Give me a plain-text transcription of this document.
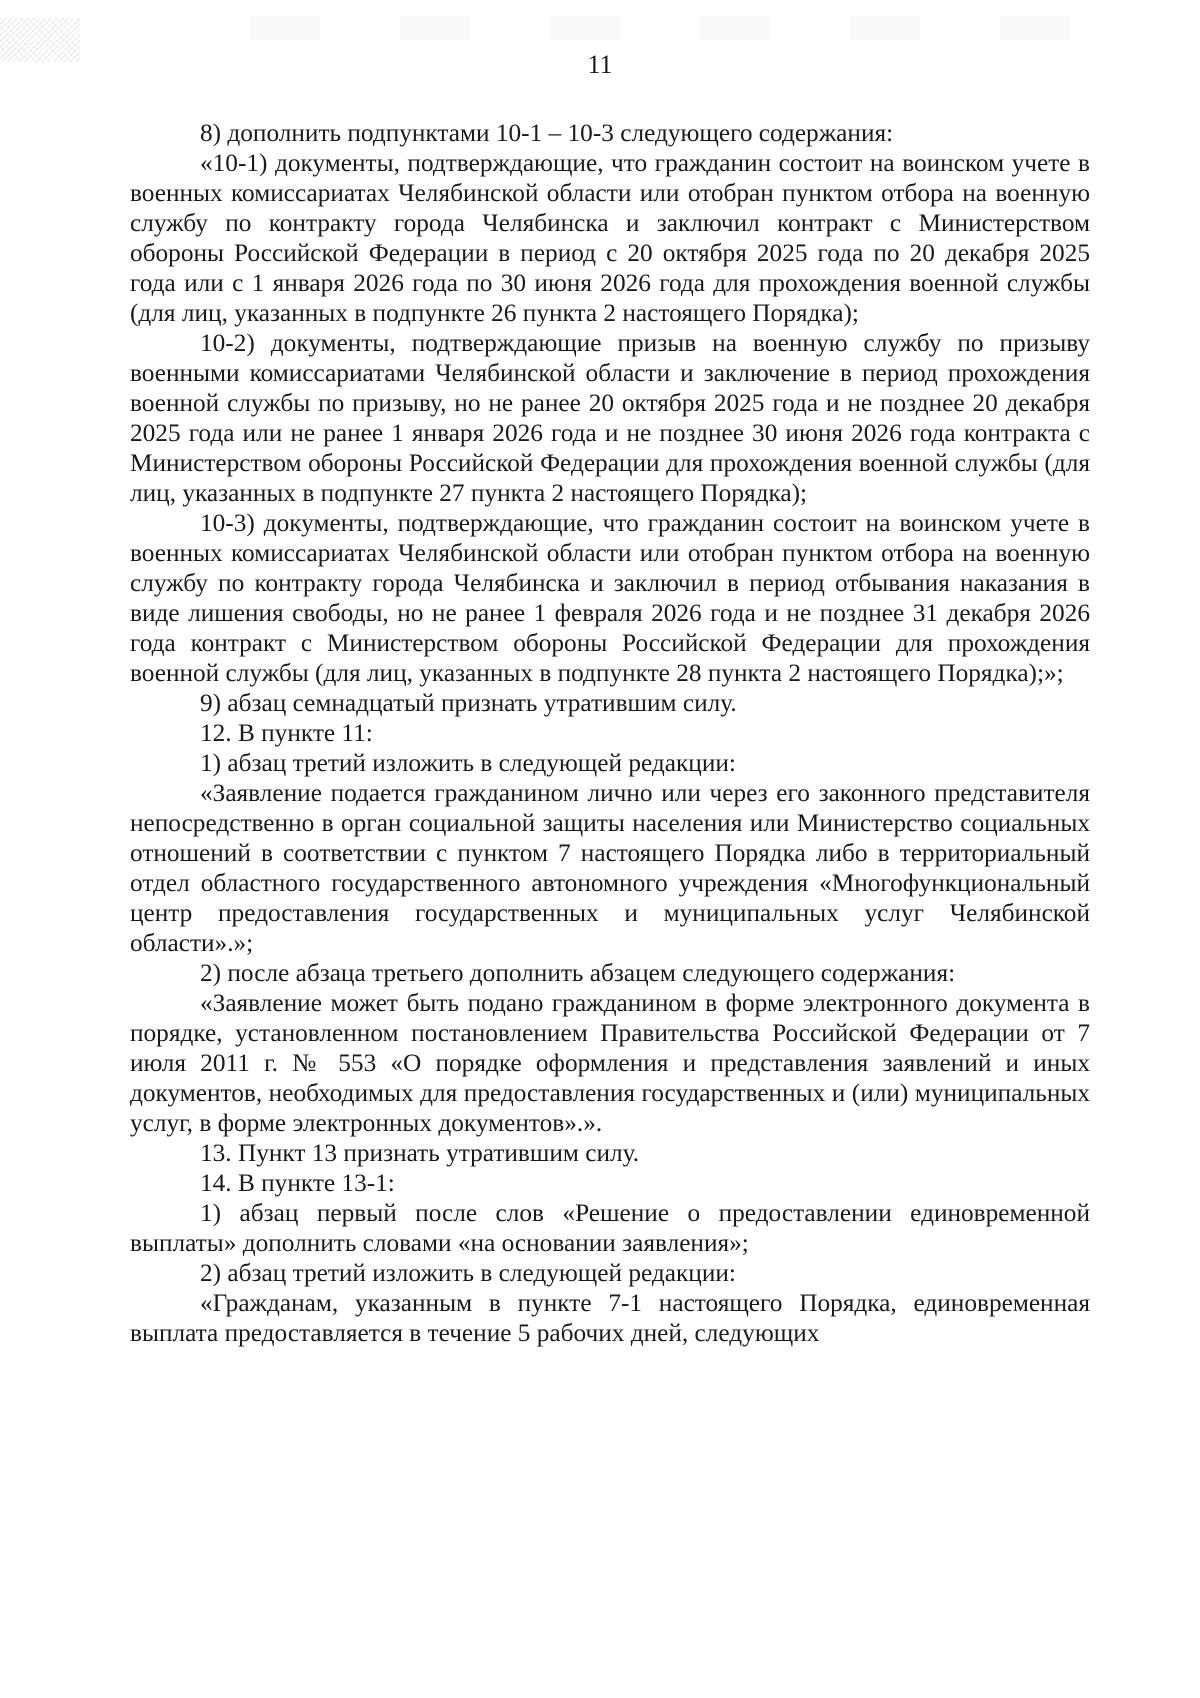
11

8) дополнить подпунктами 10-1 – 10-3 следующего содержания:

«10-1) документы, подтверждающие, что гражданин состоит на воинском учете в военных комиссариатах Челябинской области или отобран пунктом отбора на военную службу по контракту города Челябинска и заключил контракт с Министерством обороны Российской Федерации в период с 20 октября 2025 года по 20 декабря 2025 года или с 1 января 2026 года по 30 июня 2026 года для прохождения военной службы (для лиц, указанных в подпункте 26 пункта 2 настоящего Порядка);

10-2) документы, подтверждающие призыв на военную службу по призыву военными комиссариатами Челябинской области и заключение в период прохождения военной службы по призыву, но не ранее 20 октября 2025 года и не позднее 20 декабря 2025 года или не ранее 1 января 2026 года и не позднее 30 июня 2026 года контракта с Министерством обороны Российской Федерации для прохождения военной службы (для лиц, указанных в подпункте 27 пункта 2 настоящего Порядка);

10-3) документы, подтверждающие, что гражданин состоит на воинском учете в военных комиссариатах Челябинской области или отобран пунктом отбора на военную службу по контракту города Челябинска и заключил в период отбывания наказания в виде лишения свободы, но не ранее 1 февраля 2026 года и не позднее 31 декабря 2026 года контракт с Министерством обороны Российской Федерации для прохождения военной службы (для лиц, указанных в подпункте 28 пункта 2 настоящего Порядка);»;

9) абзац семнадцатый признать утратившим силу.

12. В пункте 11:

1) абзац третий изложить в следующей редакции:

«Заявление подается гражданином лично или через его законного представителя непосредственно в орган социальной защиты населения или Министерство социальных отношений в соответствии с пунктом 7 настоящего Порядка либо в территориальный отдел областного государственного автономного учреждения «Многофункциональный центр предоставления государственных и муниципальных услуг Челябинской области».»;

2) после абзаца третьего дополнить абзацем следующего содержания:

«Заявление может быть подано гражданином в форме электронного документа в порядке, установленном постановлением Правительства Российской Федерации от 7 июля 2011 г. № 553 «О порядке оформления и представления заявлений и иных документов, необходимых для предоставления государственных и (или) муниципальных услуг, в форме электронных документов».».

13. Пункт 13 признать утратившим силу.

14. В пункте 13-1:

1) абзац первый после слов «Решение о предоставлении единовременной выплаты» дополнить словами «на основании заявления»;

2) абзац третий изложить в следующей редакции:

«Гражданам, указанным в пункте 7-1 настоящего Порядка, единовременная выплата предоставляется в течение 5 рабочих дней, следующих
